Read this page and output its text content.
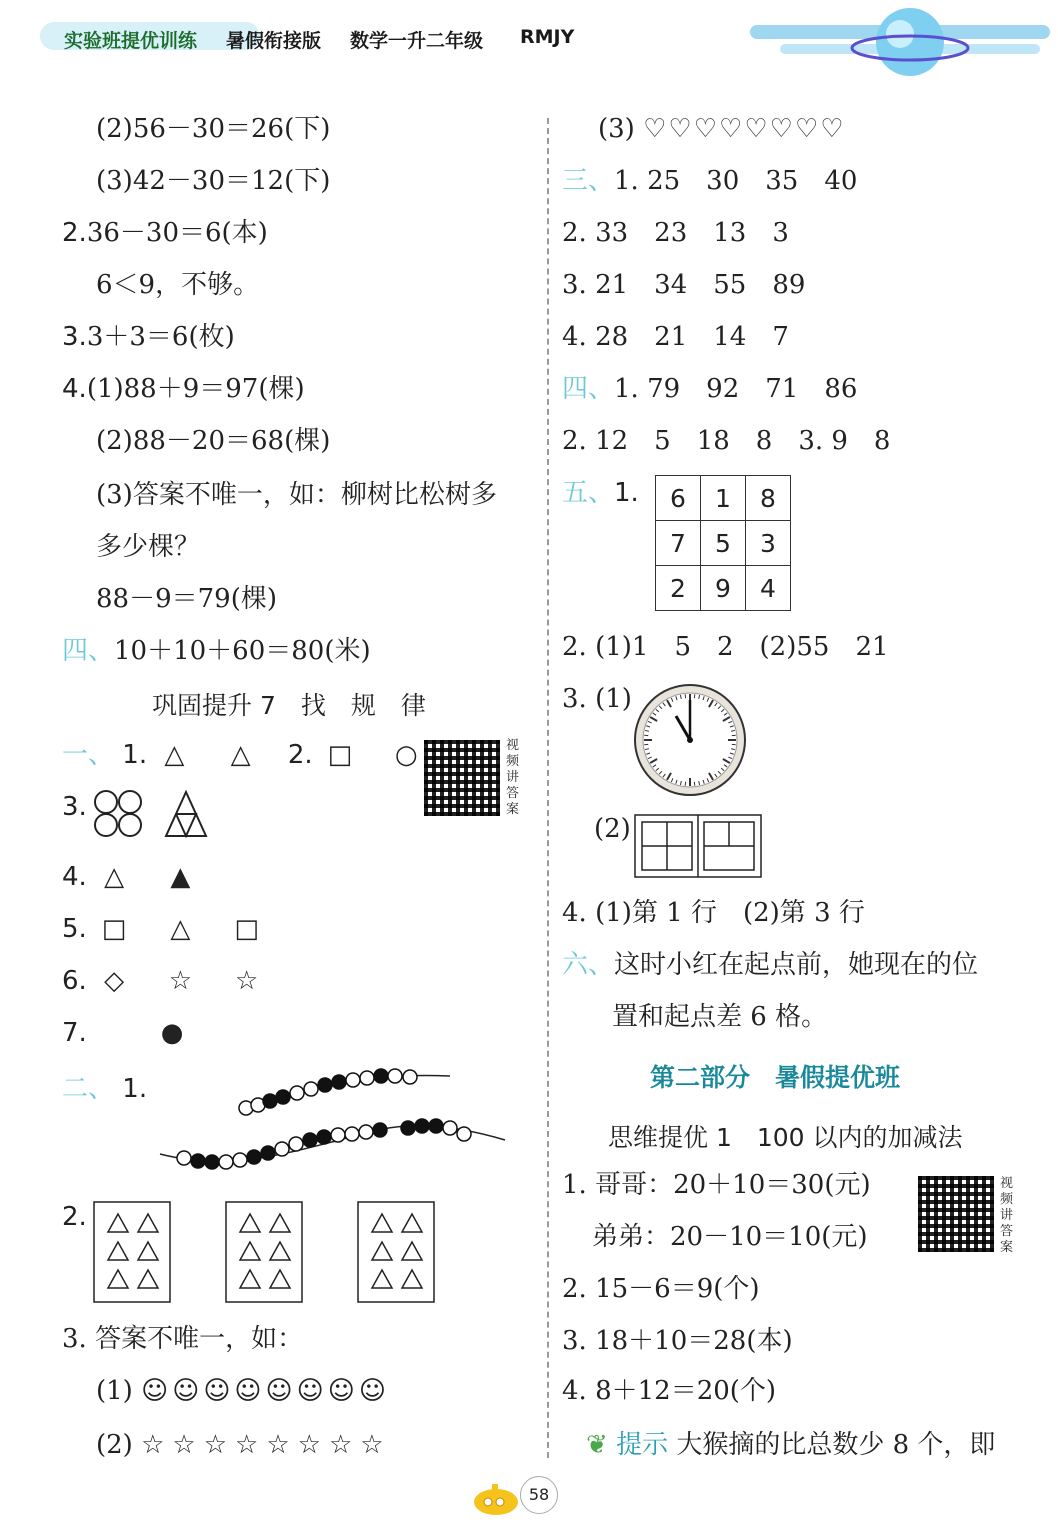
实验班提优训练 暑假衔接版 数学一升二年级 RMJY
(2)56－30＝26(下)
(3)42－30＝12(下)
2.36－30＝6(本)
6＜9，不够。
3.3＋3＝6(枚)
4.(1)88＋9＝97(棵)
(2)88－20＝68(棵)
(3)答案不唯一，如：柳树比松树多
多少棵？
88－9＝79(棵)
四、10＋10＋60＝80(米)
巩固提升 7　找　规　律
一、 1. △ △ 2. □ ○	视频讲答案
3.
4. △ ▲
5. □ △ □
6. ◇ ☆ ☆
7.	●
二、 1.
2.
3. 答案不唯一，如：
(1) ☺☺☺☺☺☺☺☺
(2) ☆☆☆☆☆☆☆☆
(3) ♡♡♡♡♡♡♡♡
三、1. 25　30　35　40
2. 33　23　13　3
3. 21　34　55　89
4. 28　21　14　7
四、1. 79　92　71　86
2. 12　5　18　8　3. 9　8
五、1. 6	1	8
7	5	3
2	9	4
2. (1)1　5　2　(2)55　21
3. (1)
(2)
4. (1)第 1 行　(2)第 3 行
六、这时小红在起点前，她现在的位
置和起点差 6 格。
第二部分　暑假提优班
思维提优 1　100 以内的加减法
1. 哥哥：20＋10＝30(元)
弟弟：20－10＝10(元)
视频讲答案
2. 15－6＝9(个)
3. 18＋10＝28(本)
4. 8＋12＝20(个)
❦ 提示 大猴摘的比总数少 8 个，即
58
